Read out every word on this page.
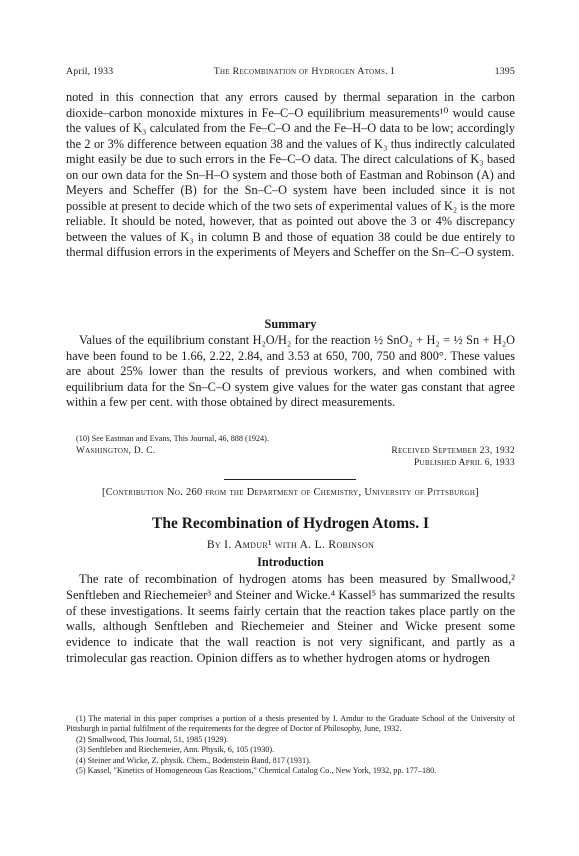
April, 1933	The Recombination of Hydrogen Atoms. I	1395

noted in this connection that any errors caused by thermal separation in the carbon dioxide–carbon monoxide mixtures in Fe–C–O equilibrium measurements¹⁰ would cause the values of K₃ calculated from the Fe–C–O and the Fe–H–O data to be low; accordingly the 2 or 3% difference between equation 38 and the values of K₃ thus indirectly calculated might easily be due to such errors in the Fe–C–O data. The direct calculations of K₃ based on our own data for the Sn–H–O system and those both of Eastman and Robinson (A) and Meyers and Scheffer (B) for the Sn–C–O system have been included since it is not possible at present to decide which of the two sets of experimental values of K₂ is the more reliable. It should be noted, however, that as pointed out above the 3 or 4% discrepancy between the values of K₃ in column B and those of equation 38 could be due entirely to thermal diffusion errors in the experiments of Meyers and Scheffer on the Sn–C–O system.

Summary

Values of the equilibrium constant H₂O/H₂ for the reaction ½ SnO₂ + H₂ = ½ Sn + H₂O have been found to be 1.66, 2.22, 2.84, and 3.53 at 650, 700, 750 and 800°. These values are about 25% lower than the results of previous workers, and when combined with equilibrium data for the Sn–C–O system give values for the water gas constant that agree within a few per cent. with those obtained by direct measurements.

(10) See Eastman and Evans, This Journal, 46, 888 (1924).

Washington, D. C.	Received September 23, 1932
Published April 6, 1933
[Contribution No. 260 from the Department of Chemistry, University of Pittsburgh]
The Recombination of Hydrogen Atoms. I
By I. Amdur¹ with A. L. Robinson
Introduction

The rate of recombination of hydrogen atoms has been measured by Smallwood,² Senftleben and Riechemeier³ and Steiner and Wicke.⁴ Kassel⁵ has summarized the results of these investigations. It seems fairly certain that the reaction takes place partly on the walls, although Senftleben and Riechemeier and Steiner and Wicke present some evidence to indicate that the wall reaction is not very significant, and partly as a trimolecular gas reaction. Opinion differs as to whether hydrogen atoms or hydrogen

(1) The material in this paper comprises a portion of a thesis presented by I. Amdur to the Graduate School of the University of Pittsburgh in partial fulfilment of the requirements for the degree of Doctor of Philosophy, June, 1932.

(2) Smallwood, This Journal, 51, 1985 (1929).

(3) Senftleben and Riechemeier, Ann. Physik, 6, 105 (1930).

(4) Steiner and Wicke, Z. physik. Chem., Bodenstein Band, 817 (1931).

(5) Kassel, "Kinetics of Homogeneous Gas Reactions," Chemical Catalog Co., New York, 1932, pp. 177–180.
